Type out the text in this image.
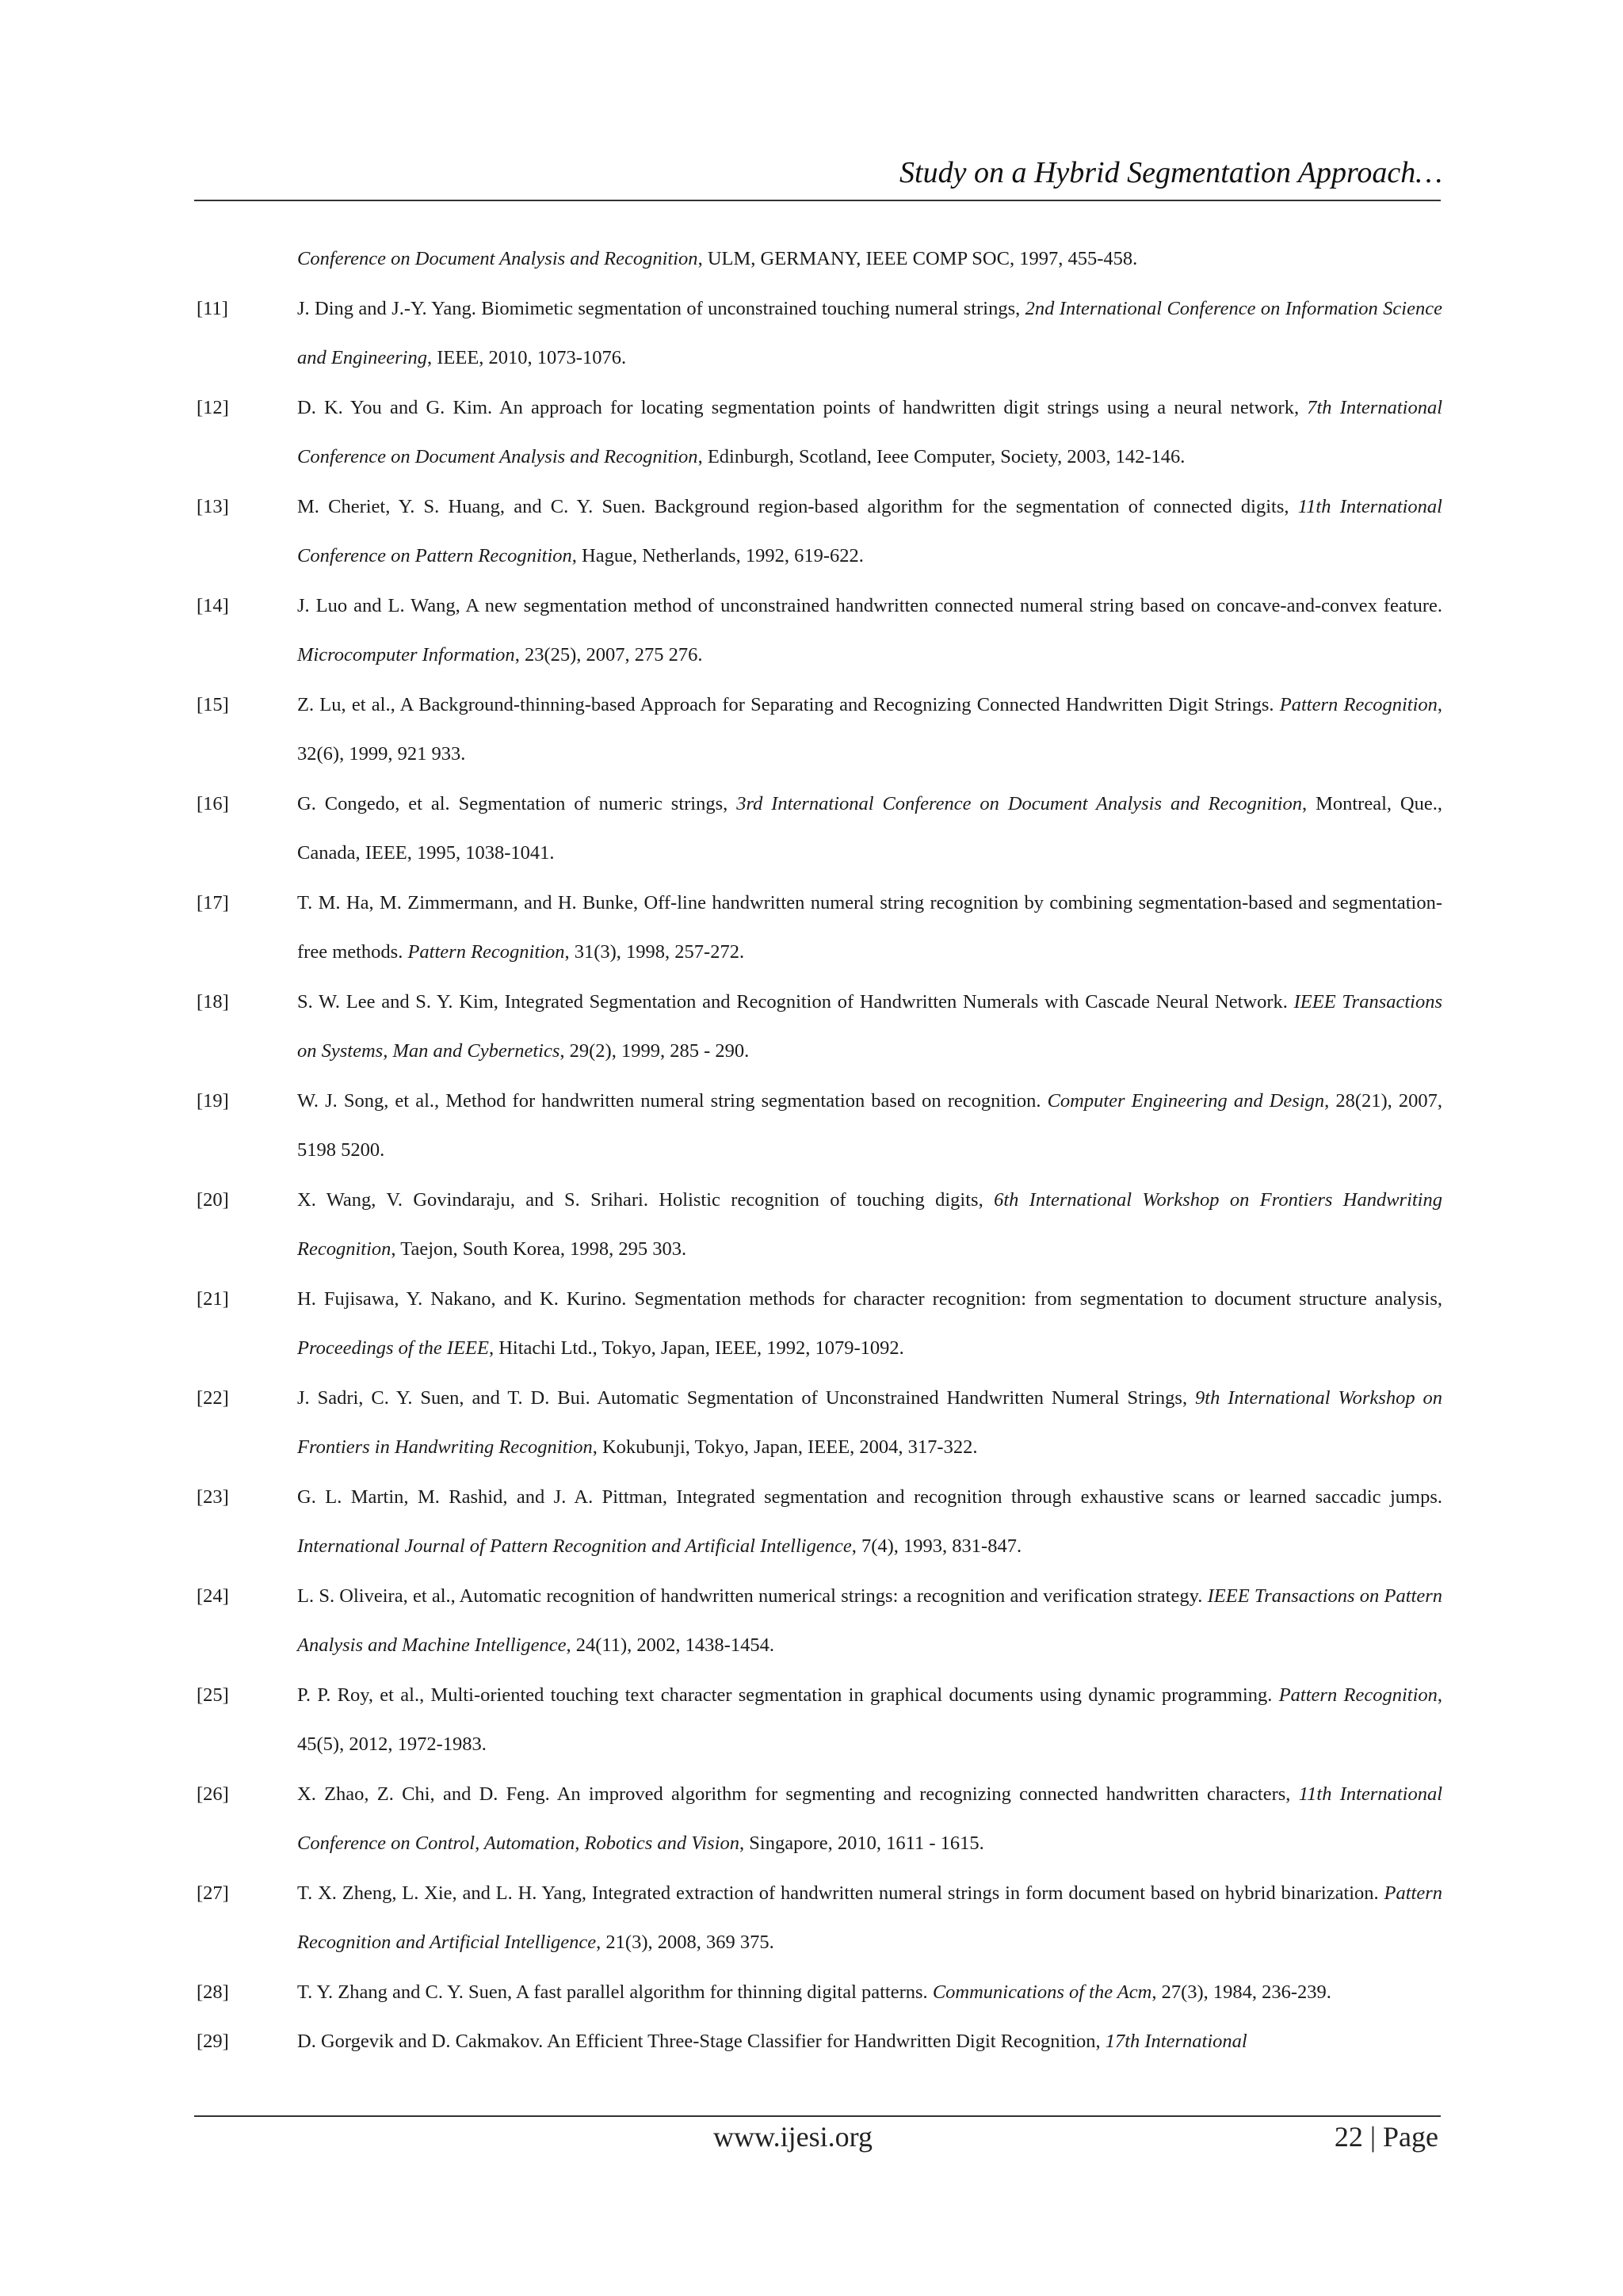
Study on a Hybrid Segmentation Approach…
Conference on Document Analysis and Recognition, ULM, GERMANY, IEEE COMP SOC, 1997, 455-458.
[11]	J. Ding and J.-Y. Yang. Biomimetic segmentation of unconstrained touching numeral strings, 2nd International Conference on Information Science and Engineering, IEEE, 2010, 1073-1076.
[12]	D. K. You and G. Kim. An approach for locating segmentation points of handwritten digit strings using a neural network, 7th International Conference on Document Analysis and Recognition, Edinburgh, Scotland, Ieee Computer, Society, 2003, 142-146.
[13]	M. Cheriet, Y. S. Huang, and C. Y. Suen. Background region-based algorithm for the segmentation of connected digits, 11th International Conference on Pattern Recognition, Hague, Netherlands, 1992, 619-622.
[14]	J. Luo and L. Wang, A new segmentation method of unconstrained handwritten connected numeral string based on concave-and-convex feature. Microcomputer Information, 23(25), 2007, 275 276.
[15]	Z. Lu, et al., A Background-thinning-based Approach for Separating and Recognizing Connected Handwritten Digit Strings. Pattern Recognition, 32(6), 1999, 921 933.
[16]	G. Congedo, et al. Segmentation of numeric strings, 3rd International Conference on Document Analysis and Recognition, Montreal, Que., Canada, IEEE, 1995, 1038-1041.
[17]	T. M. Ha, M. Zimmermann, and H. Bunke, Off-line handwritten numeral string recognition by combining segmentation-based and segmentation-free methods. Pattern Recognition, 31(3), 1998, 257-272.
[18]	S. W. Lee and S. Y. Kim, Integrated Segmentation and Recognition of Handwritten Numerals with Cascade Neural Network. IEEE Transactions on Systems, Man and Cybernetics, 29(2), 1999, 285 - 290.
[19]	W. J. Song, et al., Method for handwritten numeral string segmentation based on recognition. Computer Engineering and Design, 28(21), 2007, 5198 5200.
[20]	X. Wang, V. Govindaraju, and S. Srihari. Holistic recognition of touching digits, 6th International Workshop on Frontiers Handwriting Recognition, Taejon, South Korea, 1998, 295 303.
[21]	H. Fujisawa, Y. Nakano, and K. Kurino. Segmentation methods for character recognition: from segmentation to document structure analysis, Proceedings of the IEEE, Hitachi Ltd., Tokyo, Japan, IEEE, 1992, 1079-1092.
[22]	J. Sadri, C. Y. Suen, and T. D. Bui. Automatic Segmentation of Unconstrained Handwritten Numeral Strings, 9th International Workshop on Frontiers in Handwriting Recognition, Kokubunji, Tokyo, Japan, IEEE, 2004, 317-322.
[23]	G. L. Martin, M. Rashid, and J. A. Pittman, Integrated segmentation and recognition through exhaustive scans or learned saccadic jumps. International Journal of Pattern Recognition and Artificial Intelligence, 7(4), 1993, 831-847.
[24]	L. S. Oliveira, et al., Automatic recognition of handwritten numerical strings: a recognition and verification strategy. IEEE Transactions on Pattern Analysis and Machine Intelligence, 24(11), 2002, 1438-1454.
[25]	P. P. Roy, et al., Multi-oriented touching text character segmentation in graphical documents using dynamic programming. Pattern Recognition, 45(5), 2012, 1972-1983.
[26]	X. Zhao, Z. Chi, and D. Feng. An improved algorithm for segmenting and recognizing connected handwritten characters, 11th International Conference on Control, Automation, Robotics and Vision, Singapore, 2010, 1611 - 1615.
[27]	T. X. Zheng, L. Xie, and L. H. Yang, Integrated extraction of handwritten numeral strings in form document based on hybrid binarization. Pattern Recognition and Artificial Intelligence, 21(3), 2008, 369 375.
[28]	T. Y. Zhang and C. Y. Suen, A fast parallel algorithm for thinning digital patterns. Communications of the Acm, 27(3), 1984, 236-239.
[29]	D. Gorgevik and D. Cakmakov. An Efficient Three-Stage Classifier for Handwritten Digit Recognition, 17th International
www.ijesi.org	22 | Page
